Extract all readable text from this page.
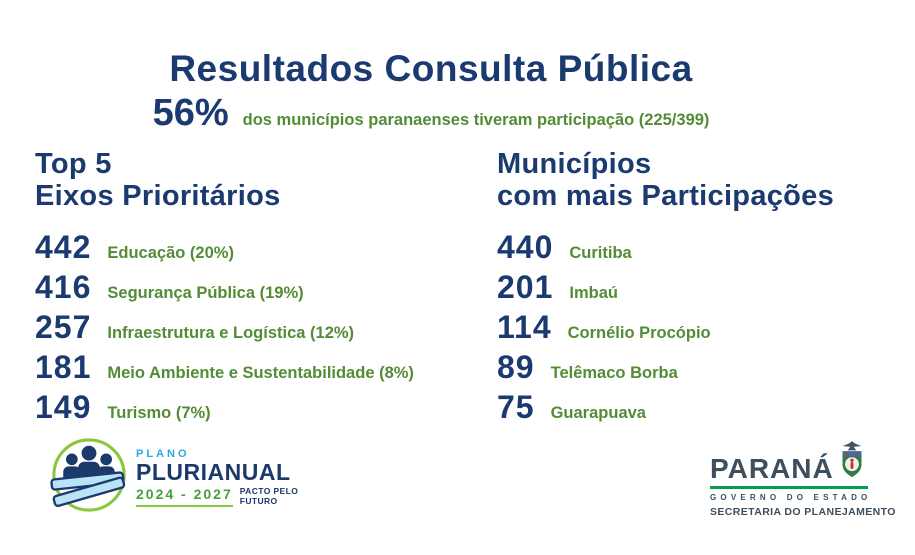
Resultados Consulta Pública
56% dos municípios paranaenses tiveram participação (225/399)
Top 5
Eixos Prioritários
442 Educação (20%)
416 Segurança Pública (19%)
257 Infraestrutura e Logística (12%)
181 Meio Ambiente e Sustentabilidade (8%)
149 Turismo (7%)
Municípios
com mais Participações
440 Curitiba
201 Imbaú
114 Cornélio Procópio
89 Telêmaco Borba
75 Guarapuava
PLANO
PLURIANUAL
2024 - 2027 PACTO PELO
FUTURO
PARANÁ
GOVERNO DO ESTADO
SECRETARIA DO PLANEJAMENTO
